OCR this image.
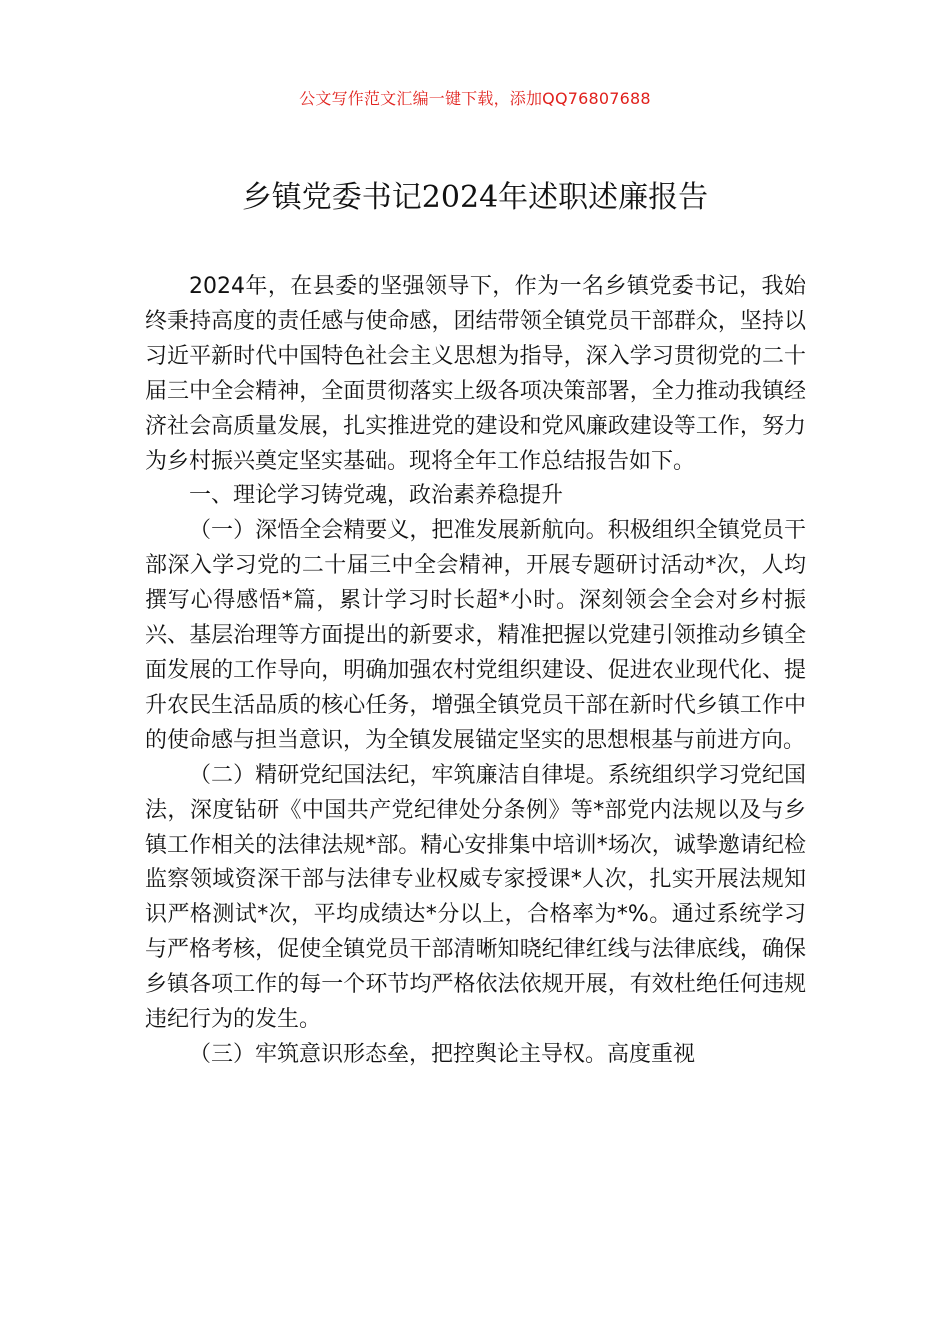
公文写作范文汇编一键下载，添加QQ76807688
乡镇党委书记2024年述职述廉报告

2024年，在县委的坚强领导下，作为一名乡镇党委书记，我始终秉持高度的责任感与使命感，团结带领全镇党员干部群众，坚持以习近平新时代中国特色社会主义思想为指导，深入学习贯彻党的二十届三中全会精神，全面贯彻落实上级各项决策部署，全力推动我镇经济社会高质量发展，扎实推进党的建设和党风廉政建设等工作，努力为乡村振兴奠定坚实基础。现将全年工作总结报告如下。

一、理论学习铸党魂，政治素养稳提升

（一）深悟全会精要义，把准发展新航向。积极组织全镇党员干部深入学习党的二十届三中全会精神，开展专题研讨活动*次，人均撰写心得感悟*篇，累计学习时长超*小时。深刻领会全会对乡村振兴、基层治理等方面提出的新要求，精准把握以党建引领推动乡镇全面发展的工作导向，明确加强农村党组织建设、促进农业现代化、提升农民生活品质的核心任务，增强全镇党员干部在新时代乡镇工作中的使命感与担当意识，为全镇发展锚定坚实的思想根基与前进方向。

（二）精研党纪国法纪，牢筑廉洁自律堤。系统组织学习党纪国法，深度钻研《中国共产党纪律处分条例》等*部党内法规以及与乡镇工作相关的法律法规*部。精心安排集中培训*场次，诚挚邀请纪检监察领域资深干部与法律专业权威专家授课*人次，扎实开展法规知识严格测试*次，平均成绩达*分以上，合格率为*%。通过系统学习与严格考核，促使全镇党员干部清晰知晓纪律红线与法律底线，确保乡镇各项工作的每一个环节均严格依法依规开展，有效杜绝任何违规违纪行为的发生。

（三）牢筑意识形态垒，把控舆论主导权。高度重视
